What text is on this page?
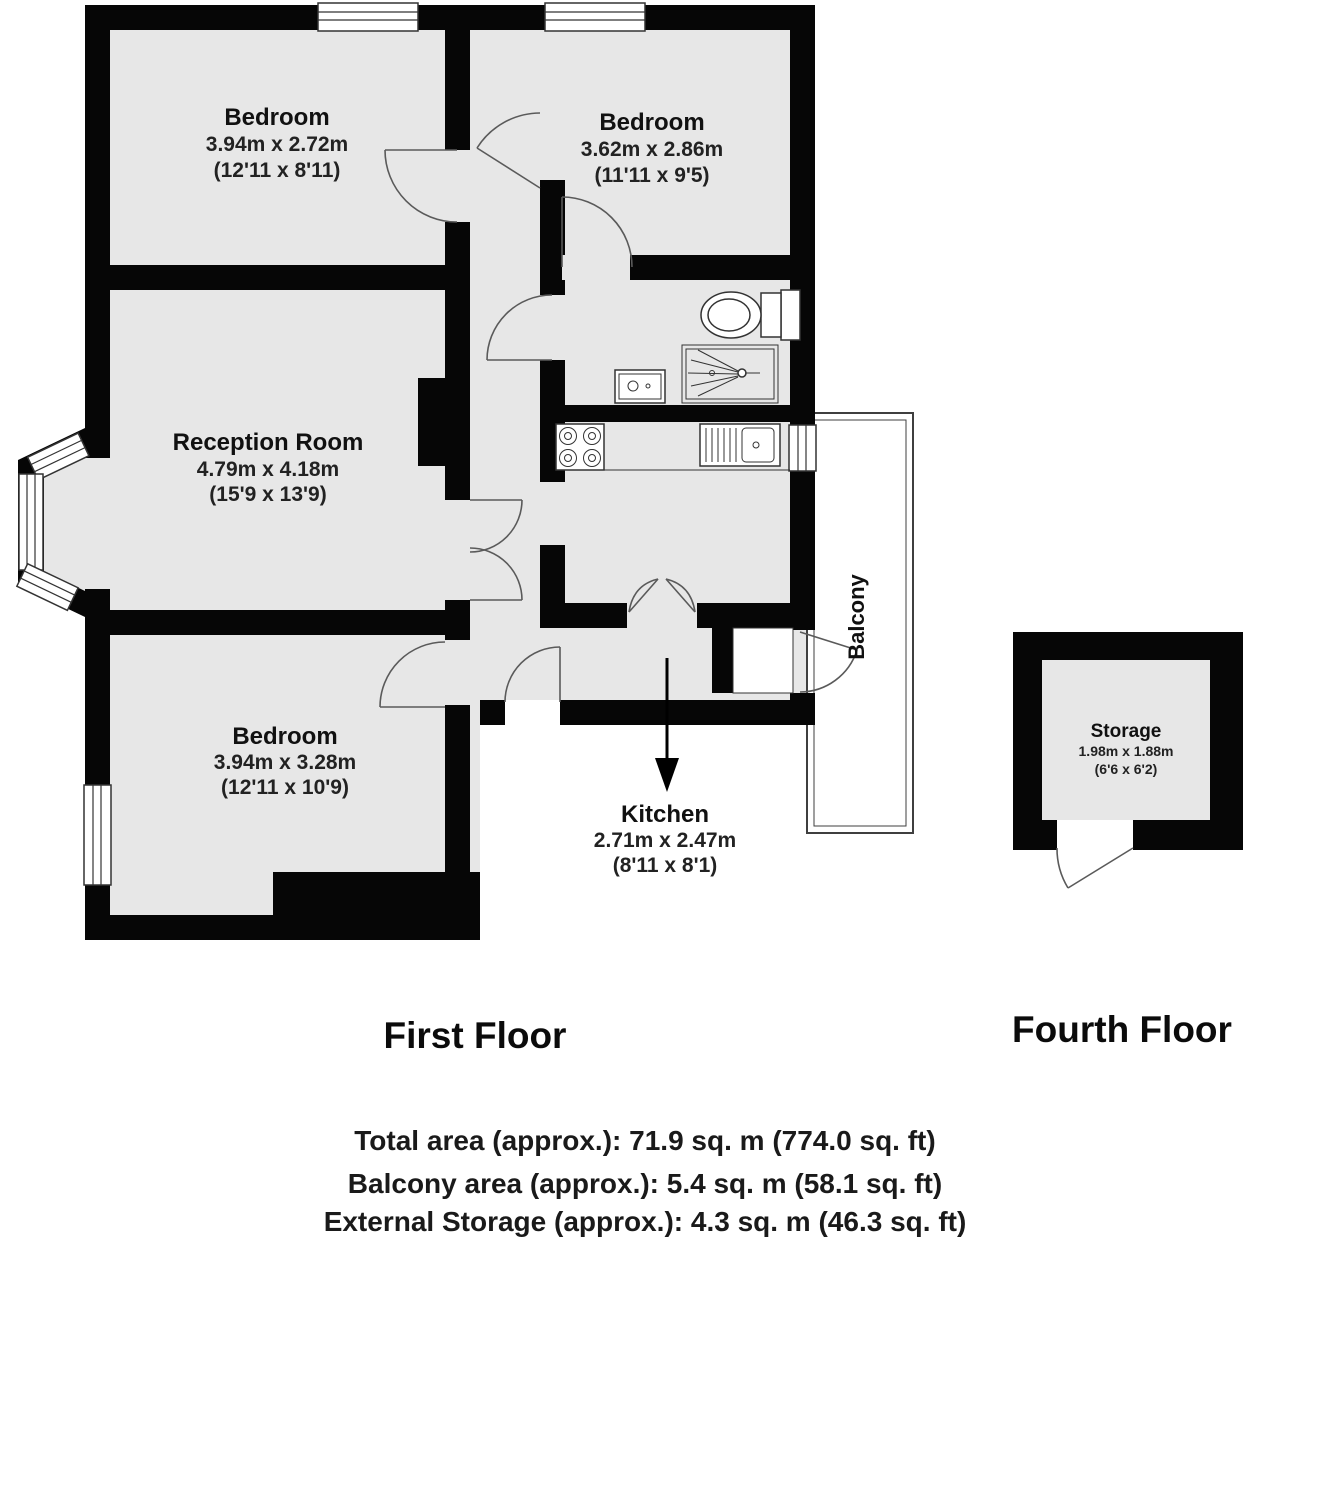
Bedroom
3.94m x 2.72m
(12'11 x 8'11)
Bedroom
3.62m x 2.86m
(11'11 x 9'5)
Reception Room
4.79m x 4.18m
(15'9 x 13'9)
Bedroom
3.94m x 3.28m
(12'11 x 10'9)
Kitchen
2.71m x 2.47m
(8'11 x 8'1)
Balcony
Storage
1.98m x 1.88m
(6'6 x 6'2)
First Floor	Fourth Floor
Total area (approx.): 71.9 sq. m (774.0 sq. ft)
Balcony area (approx.): 5.4 sq. m (58.1 sq. ft)
External Storage (approx.): 4.3 sq. m (46.3 sq. ft)
